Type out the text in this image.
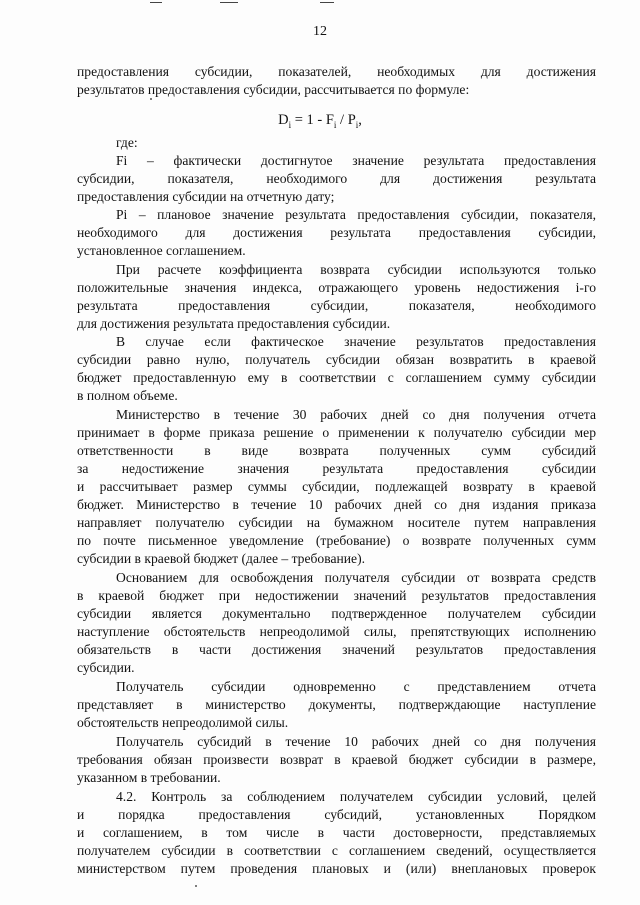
12
предоставления субсидии, показателей, необходимых для достижения
результатов предоставления субсидии, рассчитывается по формуле:
$D_i = 1 - F_i / P_i$,
где:
Fi – фактически достигнутое значение результата предоставления
субсидии, показателя, необходимого для достижения результата
предоставления субсидии на отчетную дату;
Pi – плановое значение результата предоставления субсидии, показателя,
необходимого для достижения результата предоставления субсидии,
установленное соглашением.
При расчете коэффициента возврата субсидии используются только
положительные значения индекса, отражающего уровень недостижения i-го
результата предоставления субсидии, показателя, необходимого
для достижения результата предоставления субсидии.
В случае если фактическое значение результатов предоставления
субсидии равно нулю, получатель субсидии обязан возвратить в краевой
бюджет предоставленную ему в соответствии с соглашением сумму субсидии
в полном объеме.
Министерство в течение 30 рабочих дней со дня получения отчета
принимает в форме приказа решение о применении к получателю субсидии мер
ответственности в виде возврата полученных сумм субсидий
за недостижение значения результата предоставления субсидии
и рассчитывает размер суммы субсидии, подлежащей возврату в краевой
бюджет. Министерство в течение 10 рабочих дней со дня издания приказа
направляет получателю субсидии на бумажном носителе путем направления
по почте письменное уведомление (требование) о возврате полученных сумм
субсидии в краевой бюджет (далее – требование).
Основанием для освобождения получателя субсидии от возврата средств
в краевой бюджет при недостижении значений результатов предоставления
субсидии является документально подтвержденное получателем субсидии
наступление обстоятельств непреодолимой силы, препятствующих исполнению
обязательств в части достижения значений результатов предоставления
субсидии.
Получатель субсидии одновременно с представлением отчета
представляет в министерство документы, подтверждающие наступление
обстоятельств непреодолимой силы.
Получатель субсидий в течение 10 рабочих дней со дня получения
требования обязан произвести возврат в краевой бюджет субсидии в размере,
указанном в требовании.
4.2. Контроль за соблюдением получателем субсидии условий, целей
и порядка предоставления субсидий, установленных Порядком
и соглашением, в том числе в части достоверности, представляемых
получателем субсидии в соответствии с соглашением сведений, осуществляется
министерством путем проведения плановых и (или) внеплановых проверок
